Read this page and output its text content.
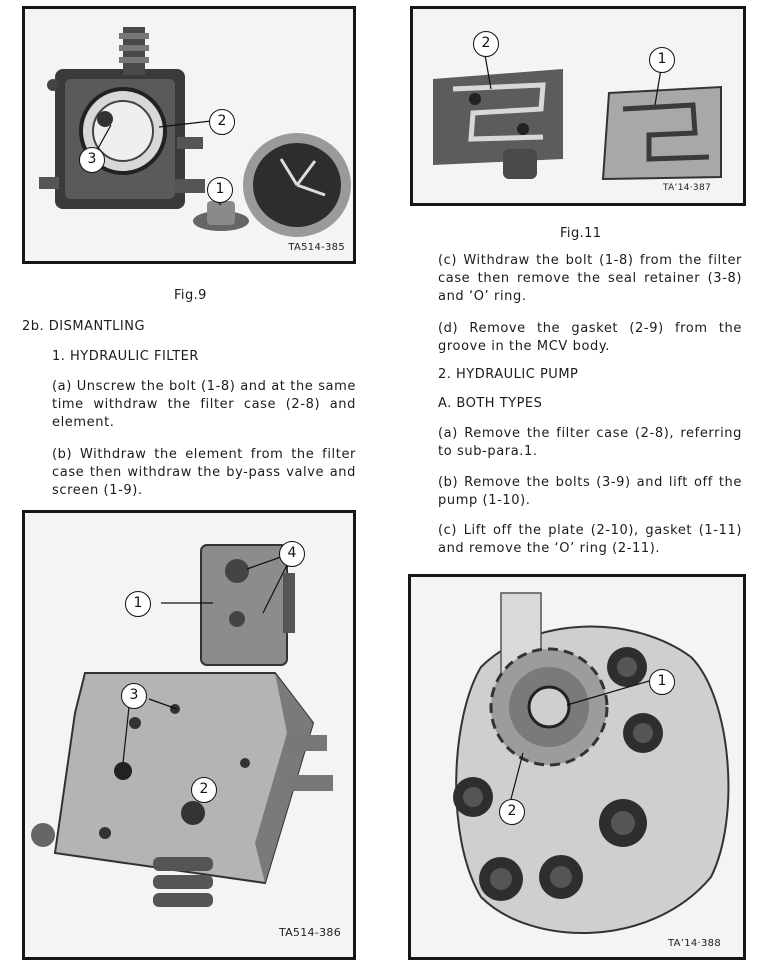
2
3
1
TA514-385
Fig.9
2b. DISMANTLING
1. HYDRAULIC FILTER
(a) Unscrew the bolt (1-8) and at the same time withdraw the filter case (2-8) and element.
(b) Withdraw the element from the filter case then withdraw the by-pass valve and screen (1-9).
1
4
3
2
TA514-386
2
1
TA’14·387
Fig.11
(c) Withdraw the bolt (1-8) from the filter case then remove the seal retainer (3-8) and ‘O’ ring.
(d) Remove the gasket (2-9) from the groove in the MCV body.
2. HYDRAULIC PUMP
A. BOTH TYPES
(a) Remove the filter case (2-8), referring to sub-para.1.
(b) Remove the bolts (3-9) and lift off the pump (1-10).
(c) Lift off the plate (2-10), gasket (1-11) and remove the ‘O’ ring (2-11).
1
2
TA’14·388
